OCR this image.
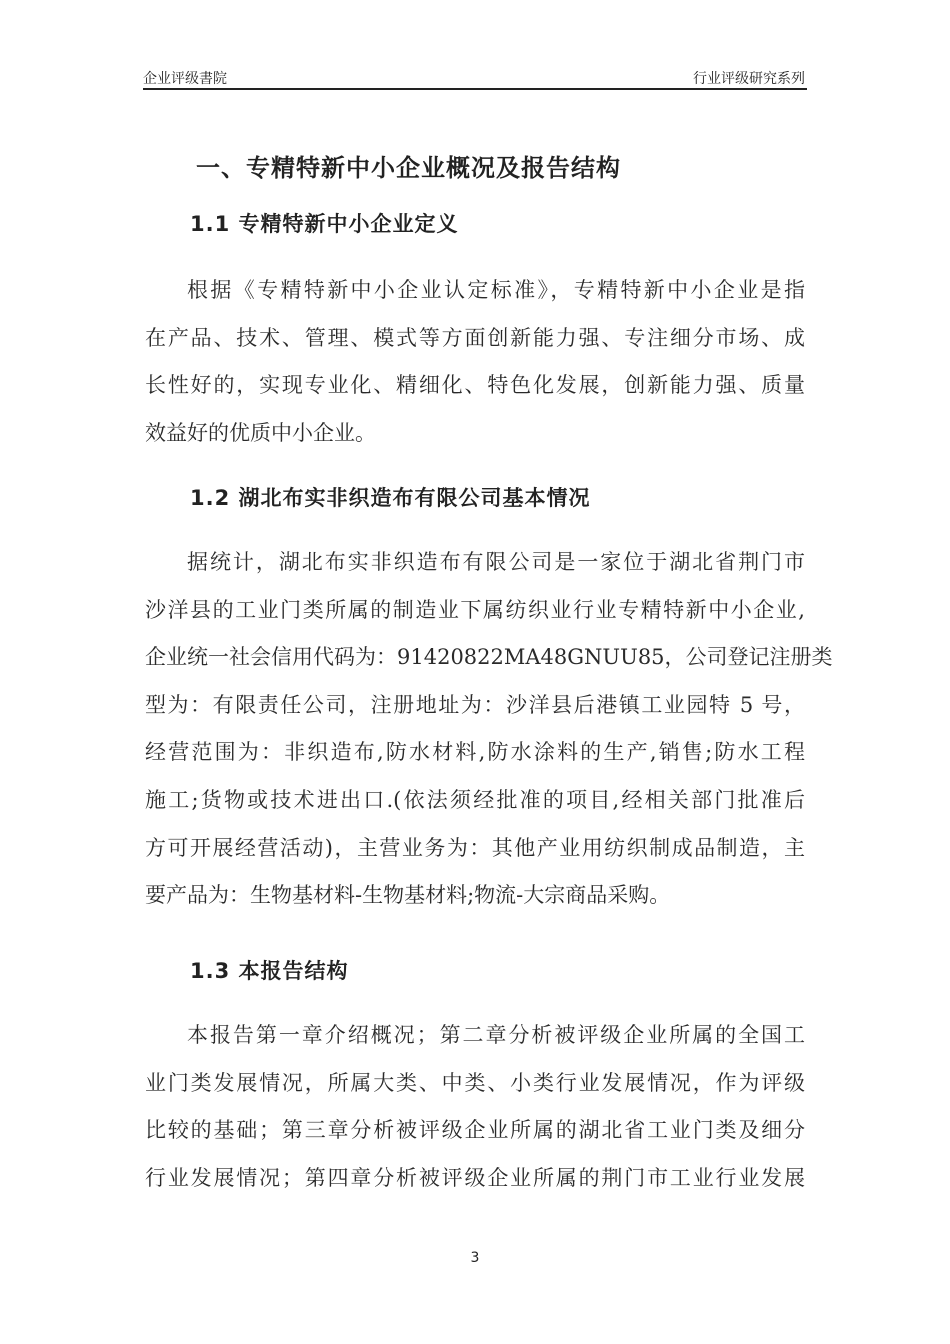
企业评级書院	行业评级研究系列
一、专精特新中小企业概况及报告结构
1.1 专精特新中小企业定义
根据《专精特新中小企业认定标准》，专精特新中小企业是指
在产品、技术、管理、模式等方面创新能力强、专注细分市场、成
长性好的，实现专业化、精细化、特色化发展，创新能力强、质量
效益好的优质中小企业。
1.2 湖北布实非织造布有限公司基本情况
据统计，湖北布实非织造布有限公司是一家位于湖北省荆门市
沙洋县的工业门类所属的制造业下属纺织业行业专精特新中小企业,
企业统一社会信用代码为：91420822MA48GNUU85，公司登记注册类
型为：有限责任公司，注册地址为：沙洋县后港镇工业园特 5 号，
经营范围为：非织造布,防水材料,防水涂料的生产,销售;防水工程
施工;货物或技术进出口.(依法须经批准的项目,经相关部门批准后
方可开展经营活动)，主营业务为：其他产业用纺织制成品制造，主
要产品为：生物基材料-生物基材料;物流-大宗商品采购。
1.3 本报告结构
本报告第一章介绍概况；第二章分析被评级企业所属的全国工
业门类发展情况，所属大类、中类、小类行业发展情况，作为评级
比较的基础；第三章分析被评级企业所属的湖北省工业门类及细分
行业发展情况；第四章分析被评级企业所属的荆门市工业行业发展
3
